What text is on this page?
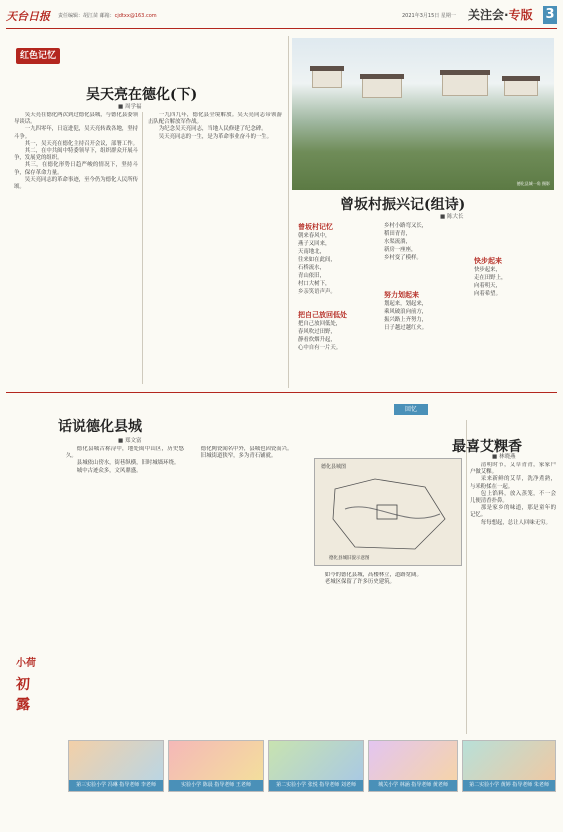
天台日报 责任编辑：胡江苗 邮箱：cjdtxx@163.com	2021年3月15日 星期一 关注会·专版 3
红色记忆
吴天亮在德化(下)
■ 周学福

吴天亮在德化两次到过德化县城，与德化县委领导谈话。

一九四零年，日寇进犯，吴天亮转战各地，坚持斗争。

其一，吴天亮在德化主持召开会议，部署工作。

其二，在中共闽中特委领导下，组织群众开展斗争，发展党的组织。

其三，在德化形势日趋严峻的情况下，坚持斗争，保存革命力量。

吴天亮同志的革命事迹，至今仍为德化人民所传颂。

一九四九年，德化县全境解放。吴天亮同志带领游击队配合解放军作战。

为纪念吴天亮同志，当地人民修建了纪念碑。

吴天亮同志的一生，是为革命事业奋斗的一生。

德化县城一角 摄影
曾坂村振兴记(组诗)
■ 陈大长
曾坂村记忆
朝来春风中，
燕子又回来，
天南地北，
往来如在此间，
石桥流水，
青山依旧，
村口大树下，
乡亲笑语声声。
把自己放回低处
把自己放回低处，
春风吹过田野，
静看炊烟升起，
心中自有一片天。
乡村小路弯又长，
稻田青青，
水渠流淌，
新房一座座，
乡村变了模样。
努力划起来
划起来，划起来，
乘风破浪向前方，
振兴路上齐努力，
日子越过越红火。
快步起来
快步起来，
走在田野上，
向着明天，
向着希望。
回忆
话说德化县城
■ 郑文富
小荷
初
露

德化县城古称浔中，地处闽中山区，历史悠久。

县城依山傍水，街巷纵横，旧时城墙环绕。

城中古迹众多，文风鼎盛。

德化陶瓷闻名中外，县城也因瓷而兴。

旧城街道狭窄，多为青石铺就。

德化县城图
德化县城旧貌示意图

如今的德化县城，高楼林立，道路宽阔。

老城区保留了许多历史建筑。

最喜艾粿香
■ 林晓燕

清明时节，艾草青青，家家户户做艾粿。

采来新鲜的艾草，洗净煮熟，与米粉揉在一起。

包上馅料，放入蒸笼，不一会儿便清香扑鼻。

那是家乡的味道，那是童年的记忆。

每每想起，总让人回味无穷。

第三实验小学 冯琳 指导老师 李老师	实验小学 陈晨 指导老师 王老师	第二实验小学 张悦 指导老师 刘老师	城关小学 林涵 指导老师 黄老师	第二实验小学 黄婷 指导老师 朱老师
